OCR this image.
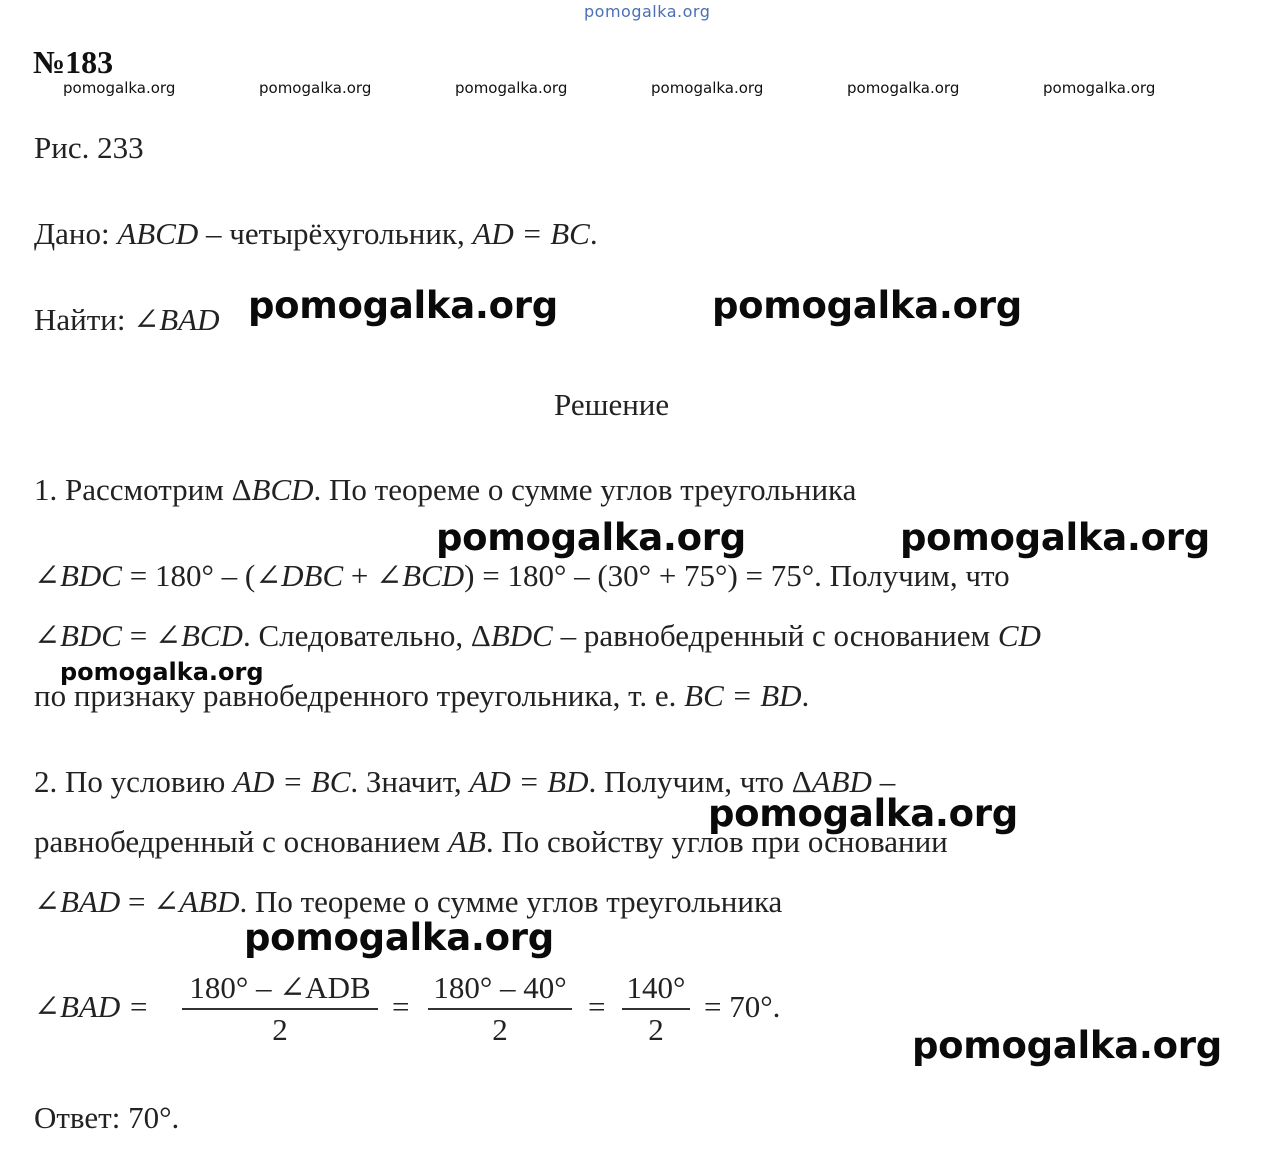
pomogalka.org
№183
pomogalka.org	pomogalka.org	pomogalka.org	pomogalka.org	pomogalka.org	pomogalka.org
Рис. 233
Дано: ABCD – четырёхугольник, AD = BC.
Найти: ∠BAD
Решение
1. Рассмотрим ΔBCD. По теореме о сумме углов треугольника
∠BDC = 180° – (∠DBC + ∠BCD) = 180° – (30° + 75°) = 75°. Получим, что
∠BDC = ∠BCD. Следовательно, ΔBDC – равнобедренный с основанием CD
по признаку равнобедренного треугольника, т. е. BC = BD.
2. По условию AD = BC. Значит, AD = BD. Получим, что ΔABD –
равнобедренный с основанием AB. По свойству углов при основании
∠BAD = ∠ABD. По теореме о сумме углов треугольника
∠BAD =
180° – ∠ADB
2
= $\frac{180^\circ - 40^\circ}{2} = \frac{140^\circ}{2} = 70^\circ$.
Ответ: 70°.
pomogalka.org	pomogalka.org
pomogalka.org	pomogalka.org
pomogalka.org
pomogalka.org
pomogalka.org
pomogalka.org
